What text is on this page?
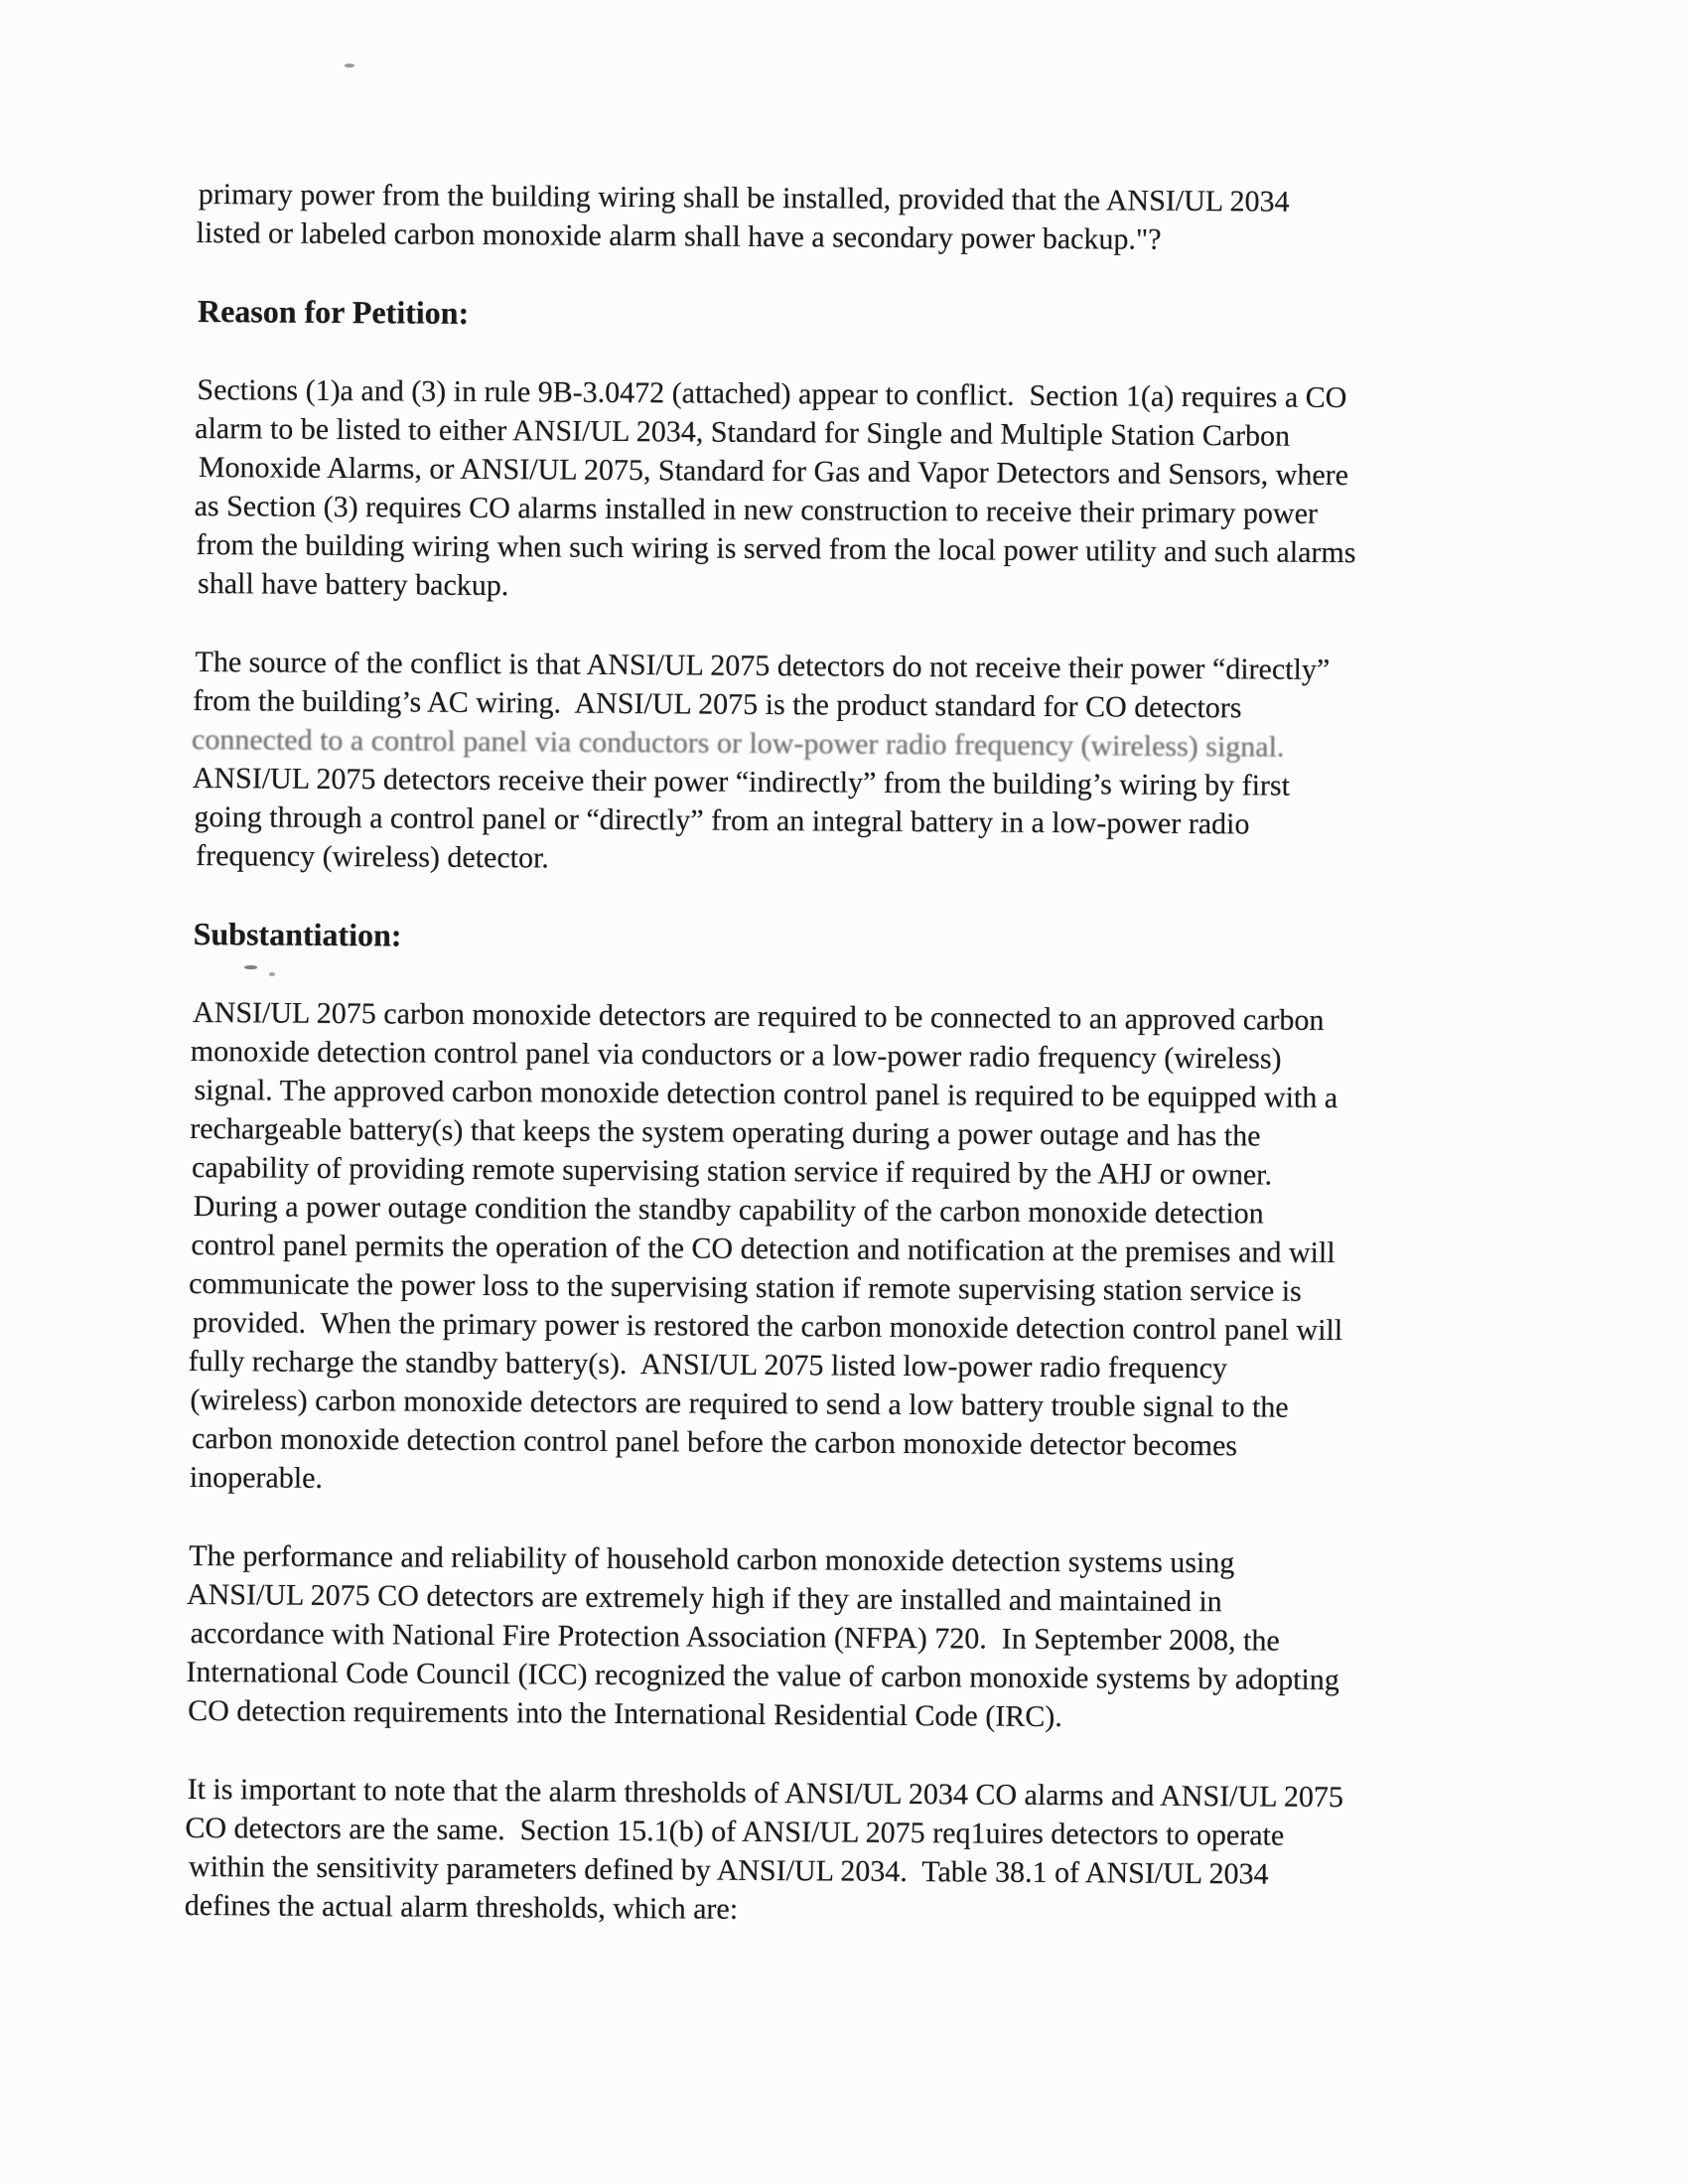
primary power from the building wiring shall be installed, provided that the ANSI/UL 2034
listed or labeled carbon monoxide alarm shall have a secondary power backup."?
Reason for Petition:
Sections (1)a and (3) in rule 9B-3.0472 (attached) appear to conflict.  Section 1(a) requires a CO
alarm to be listed to either ANSI/UL 2034, Standard for Single and Multiple Station Carbon
Monoxide Alarms, or ANSI/UL 2075, Standard for Gas and Vapor Detectors and Sensors, where
as Section (3) requires CO alarms installed in new construction to receive their primary power
from the building wiring when such wiring is served from the local power utility and such alarms
shall have battery backup.
The source of the conflict is that ANSI/UL 2075 detectors do not receive their power “directly”
from the building’s AC wiring.  ANSI/UL 2075 is the product standard for CO detectors
connected to a control panel via conductors or low-power radio frequency (wireless) signal.
ANSI/UL 2075 detectors receive their power “indirectly” from the building’s wiring by first
going through a control panel or “directly” from an integral battery in a low-power radio
frequency (wireless) detector.
Substantiation:
ANSI/UL 2075 carbon monoxide detectors are required to be connected to an approved carbon
monoxide detection control panel via conductors or a low-power radio frequency (wireless)
signal. The approved carbon monoxide detection control panel is required to be equipped with a
rechargeable battery(s) that keeps the system operating during a power outage and has the
capability of providing remote supervising station service if required by the AHJ or owner.
During a power outage condition the standby capability of the carbon monoxide detection
control panel permits the operation of the CO detection and notification at the premises and will
communicate the power loss to the supervising station if remote supervising station service is
provided.  When the primary power is restored the carbon monoxide detection control panel will
fully recharge the standby battery(s).  ANSI/UL 2075 listed low-power radio frequency
(wireless) carbon monoxide detectors are required to send a low battery trouble signal to the
carbon monoxide detection control panel before the carbon monoxide detector becomes
inoperable.
The performance and reliability of household carbon monoxide detection systems using
ANSI/UL 2075 CO detectors are extremely high if they are installed and maintained in
accordance with National Fire Protection Association (NFPA) 720.  In September 2008, the
International Code Council (ICC) recognized the value of carbon monoxide systems by adopting
CO detection requirements into the International Residential Code (IRC).
It is important to note that the alarm thresholds of ANSI/UL 2034 CO alarms and ANSI/UL 2075
CO detectors are the same.  Section 15.1(b) of ANSI/UL 2075 req1uires detectors to operate
within the sensitivity parameters defined by ANSI/UL 2034.  Table 38.1 of ANSI/UL 2034
defines the actual alarm thresholds, which are:
